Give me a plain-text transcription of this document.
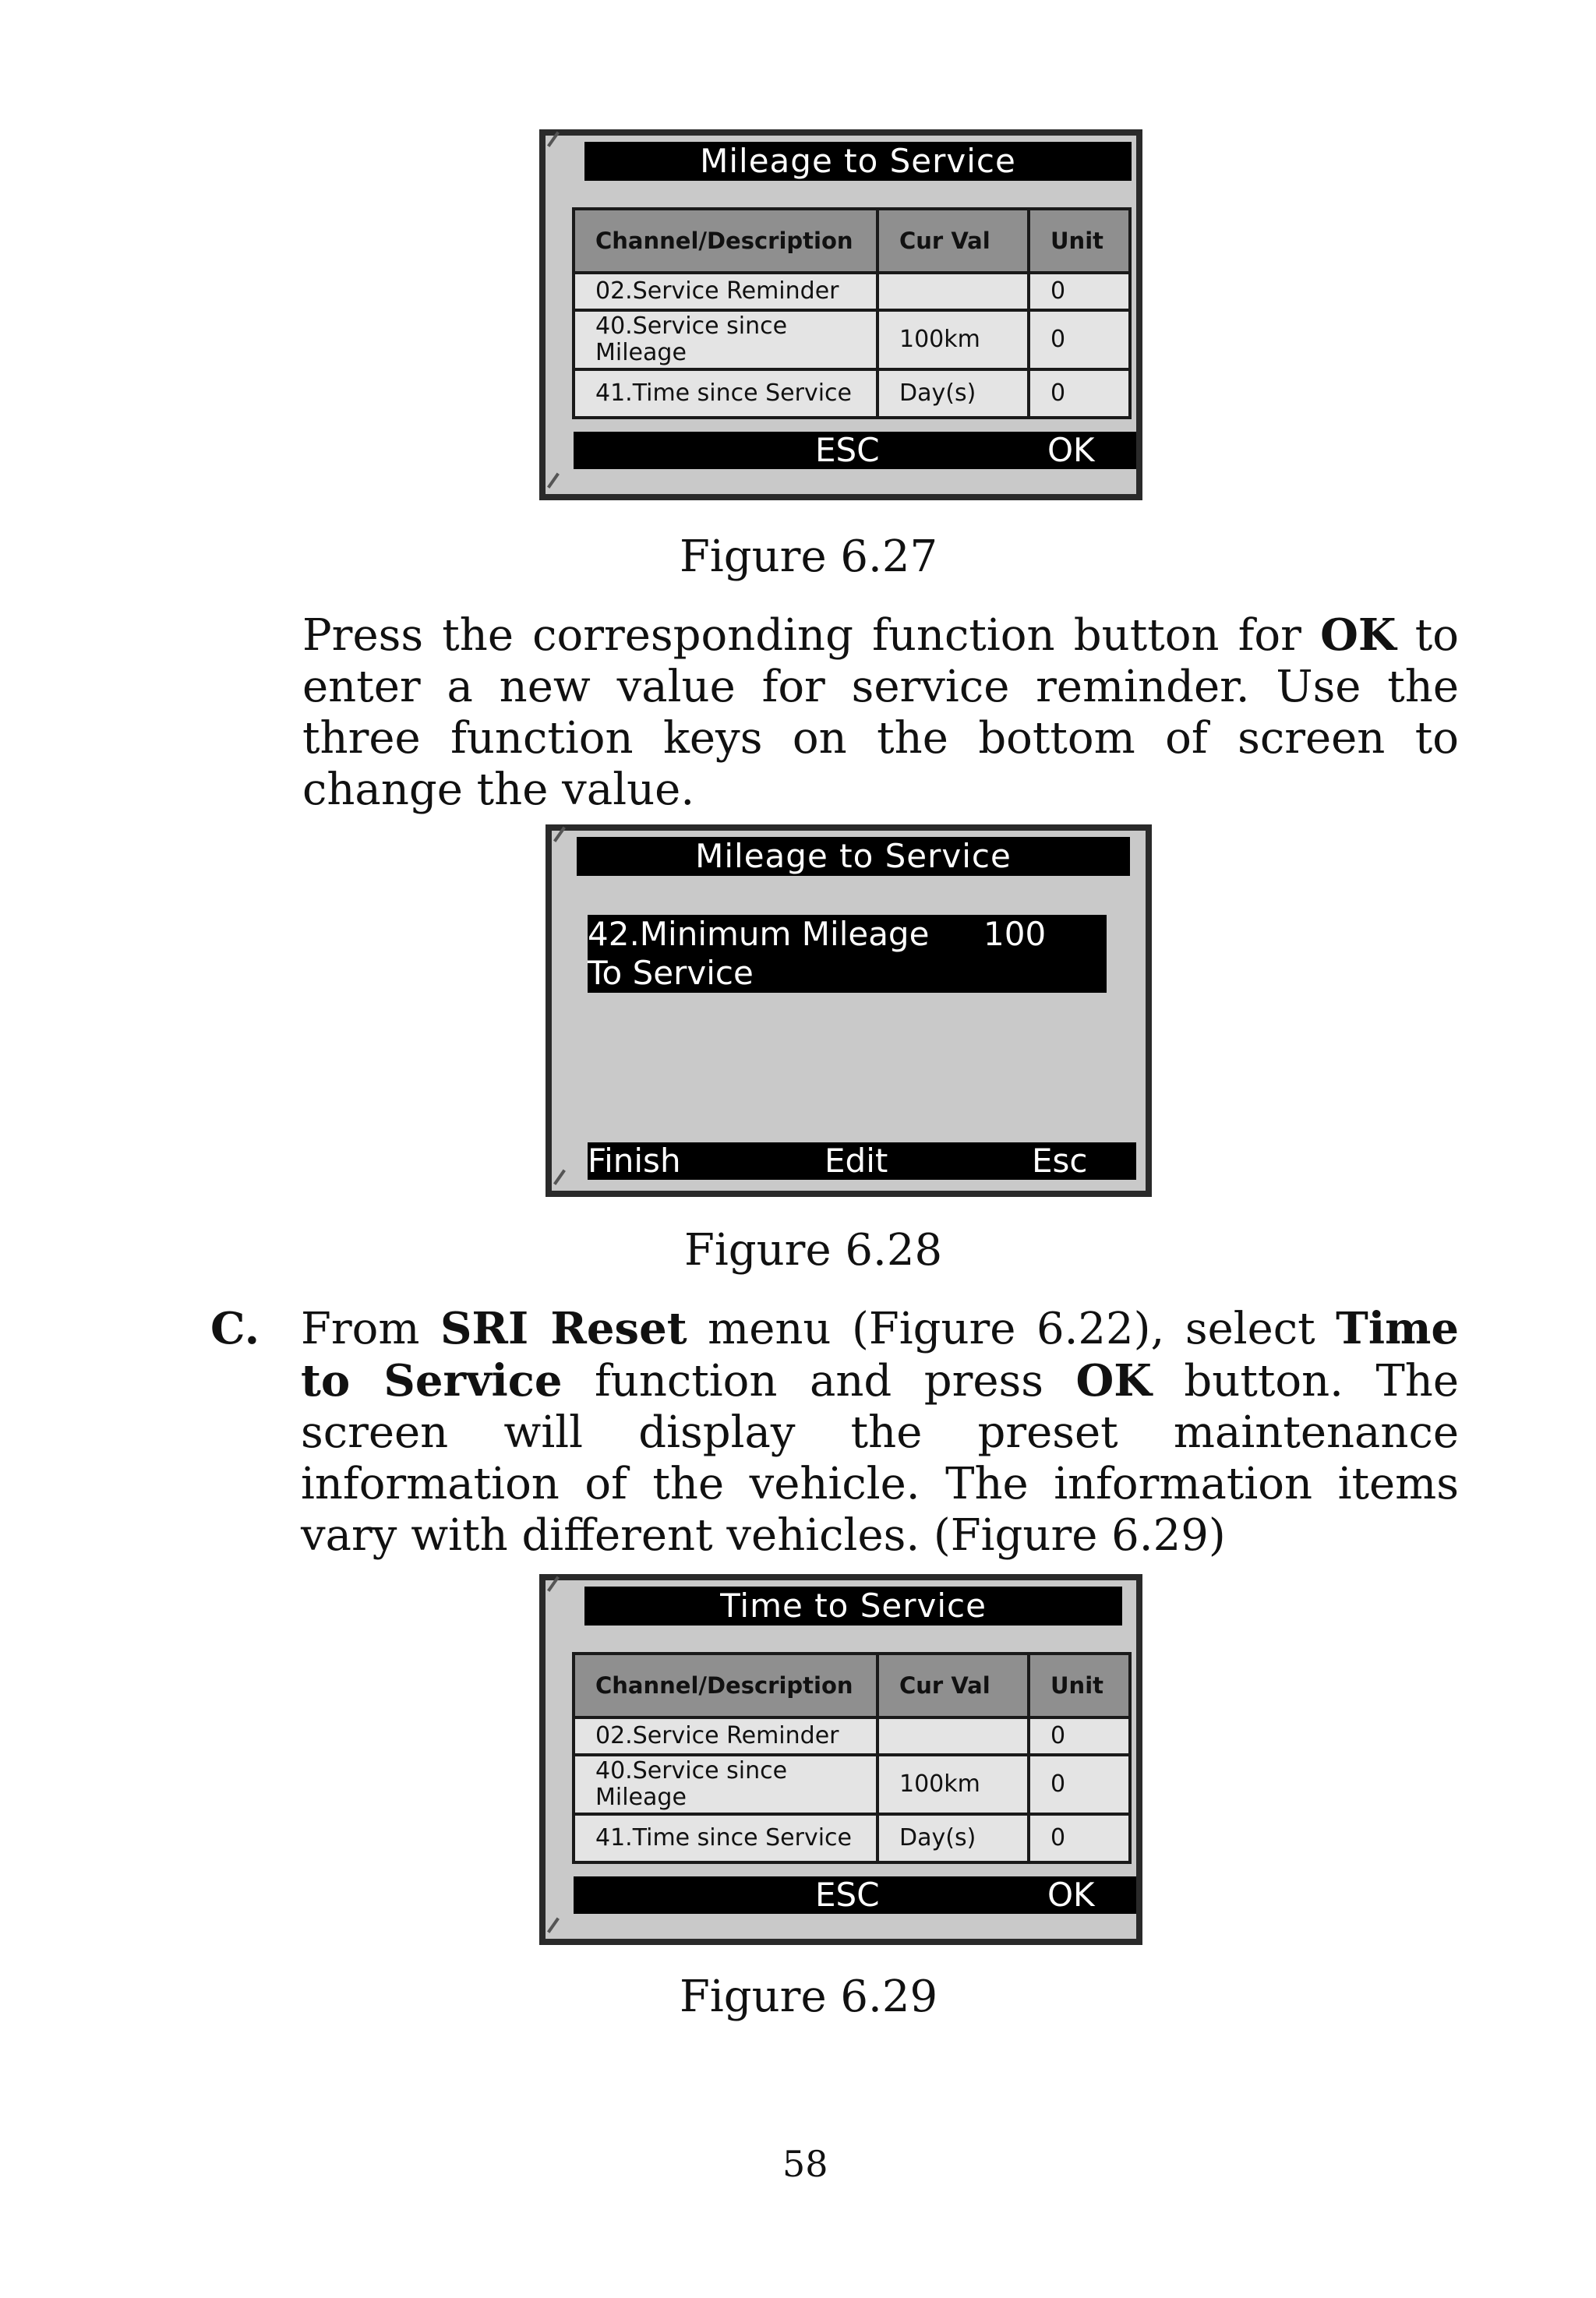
Mileage to Service
Channel/Description	Cur Val	Unit
02.Service Reminder		0
40.Service since Mileage	100km	0
41.Time since Service	Day(s)	0
ESC	OK
Figure 6.27
Press the corresponding function button for OK to enter a new value for service reminder. Use the three function keys on the bottom of screen to change the value.
Mileage to Service
42.Minimum Mileage 100
To Service
Finish	Edit	Esc
Figure 6.28
C. From SRI Reset menu (Figure 6.22), select Time to Service function and press OK button. The screen will display the preset maintenance information of the vehicle. The information items vary with different vehicles. (Figure 6.29)
Time to Service
Channel/Description	Cur Val	Unit
02.Service Reminder		0
40.Service since Mileage	100km	0
41.Time since Service	Day(s)	0
ESC	OK
Figure 6.29
58
